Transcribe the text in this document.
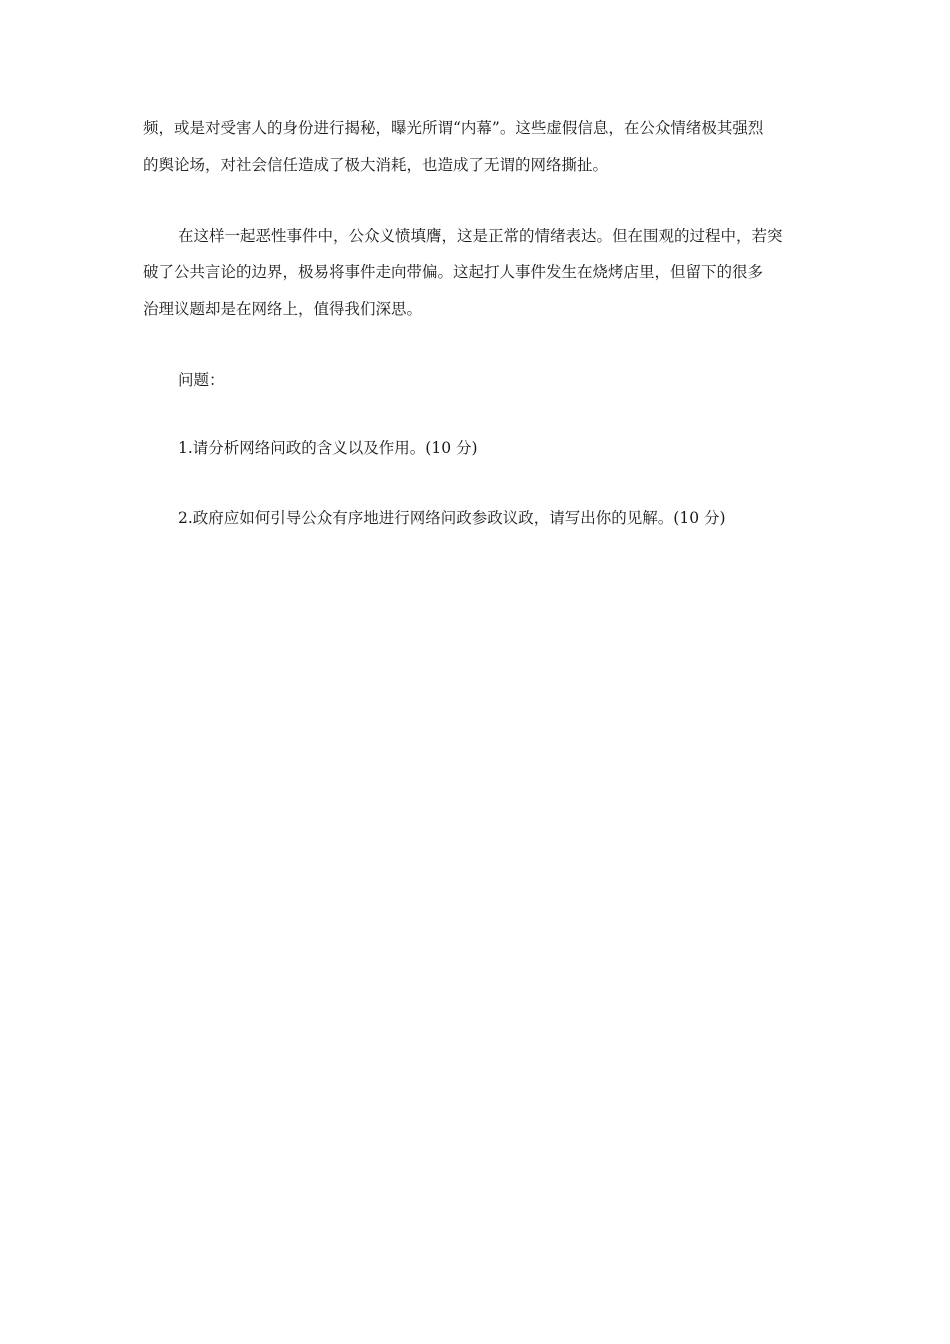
频，或是对受害人的身份进行揭秘，曝光所谓“内幕”。这些虚假信息，在公众情绪极其强烈
的舆论场，对社会信任造成了极大消耗，也造成了无谓的网络撕扯。
在这样一起恶性事件中，公众义愤填膺，这是正常的情绪表达。但在围观的过程中，若突
破了公共言论的边界，极易将事件走向带偏。这起打人事件发生在烧烤店里，但留下的很多
治理议题却是在网络上，值得我们深思。
问题：
1.请分析网络问政的含义以及作用。(10 分)
2.政府应如何引导公众有序地进行网络问政参政议政，请写出你的见解。(10 分)
